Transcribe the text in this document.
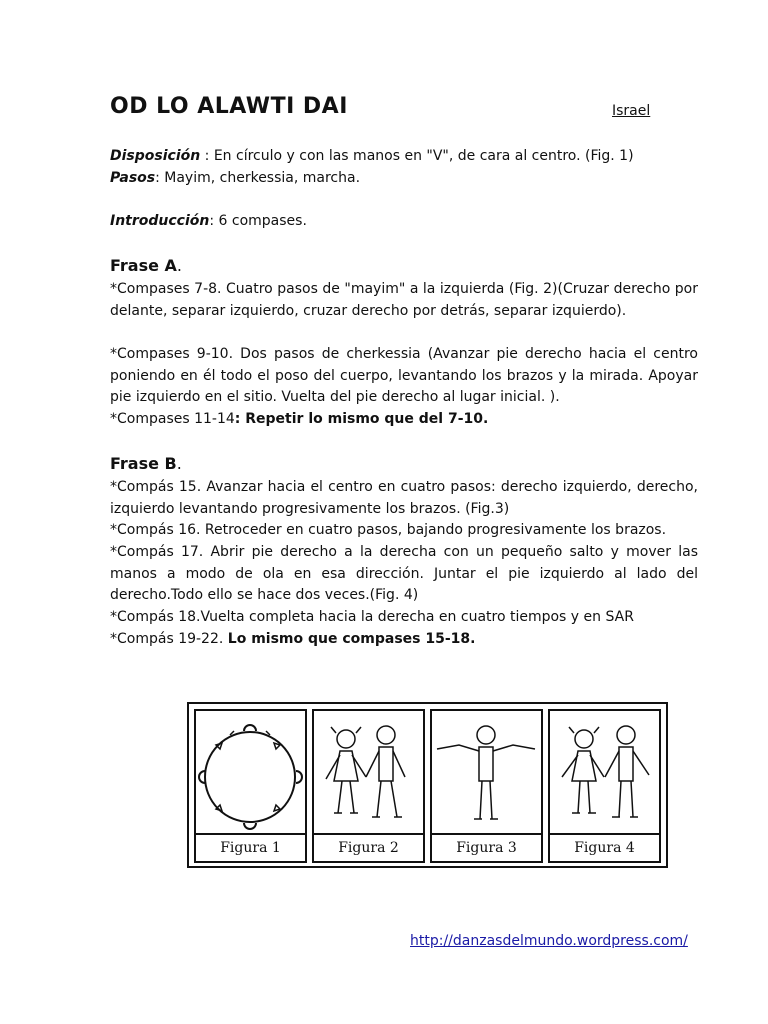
OD LO ALAWTI DAI	Israel

Disposición : En círculo y con las manos en "V", de cara al centro. (Fig. 1)

Pasos: Mayim, cherkessia, marcha.

Introducción: 6 compases.

Frase A.

*Compases 7-8. Cuatro pasos de "mayim" a la izquierda (Fig. 2)(Cruzar derecho por delante, separar izquierdo, cruzar derecho por detrás, separar izquierdo).

*Compases 9-10. Dos pasos de cherkessia (Avanzar pie derecho hacia el centro poniendo en él todo el poso del cuerpo, levantando los brazos y la mirada. Apoyar pie izquierdo en el sitio. Vuelta del pie derecho al lugar inicial. ).

*Compases 11-14: Repetir lo mismo que del 7-10.

Frase B.

*Compás 15. Avanzar hacia el centro en cuatro pasos: derecho izquierdo, derecho, izquierdo levantando progresivamente los brazos. (Fig.3)

*Compás 16. Retroceder en cuatro pasos, bajando progresivamente los brazos.

*Compás 17. Abrir pie derecho a la derecha con un pequeño salto y mover las manos a modo de ola en esa dirección. Juntar el pie izquierdo al lado del derecho.Todo ello se hace dos veces.(Fig. 4)

*Compás 18.Vuelta completa hacia la derecha en cuatro tiempos y en SAR

*Compás 19-22. Lo mismo que compases 15-18.

Figura 1	Figura 2	Figura 3	Figura 4
http://danzasdelmundo.wordpress.com/
